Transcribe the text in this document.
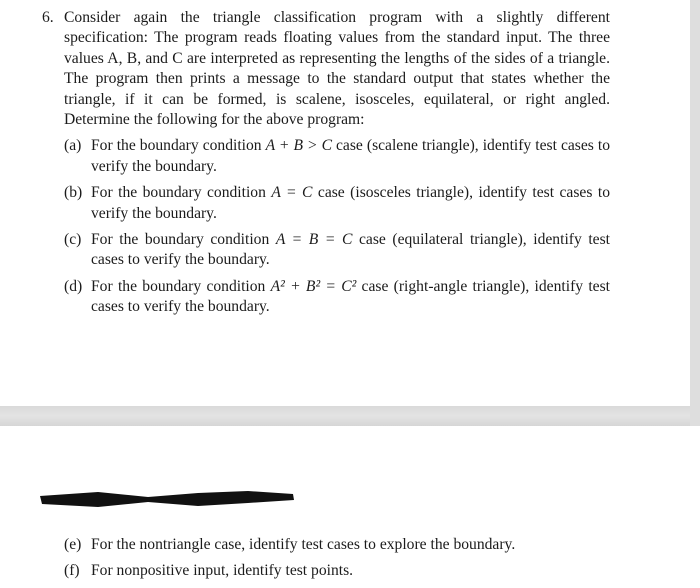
6. Consider again the triangle classification program with a slightly different specification: The program reads floating values from the standard input. The three values A, B, and C are interpreted as representing the lengths of the sides of a triangle. The program then prints a message to the standard output that states whether the triangle, if it can be formed, is scalene, isosceles, equilateral, or right angled. Determine the following for the above program:
(a) For the boundary condition A + B > C case (scalene triangle), identify test cases to verify the boundary.
(b) For the boundary condition A = C case (isosceles triangle), identify test cases to verify the boundary.
(c) For the boundary condition A = B = C case (equilateral triangle), identify test cases to verify the boundary.
(d) For the boundary condition A² + B² = C² case (right-angle triangle), identify test cases to verify the boundary.
(e) For the nontriangle case, identify test cases to explore the boundary.
(f) For nonpositive input, identify test points.
